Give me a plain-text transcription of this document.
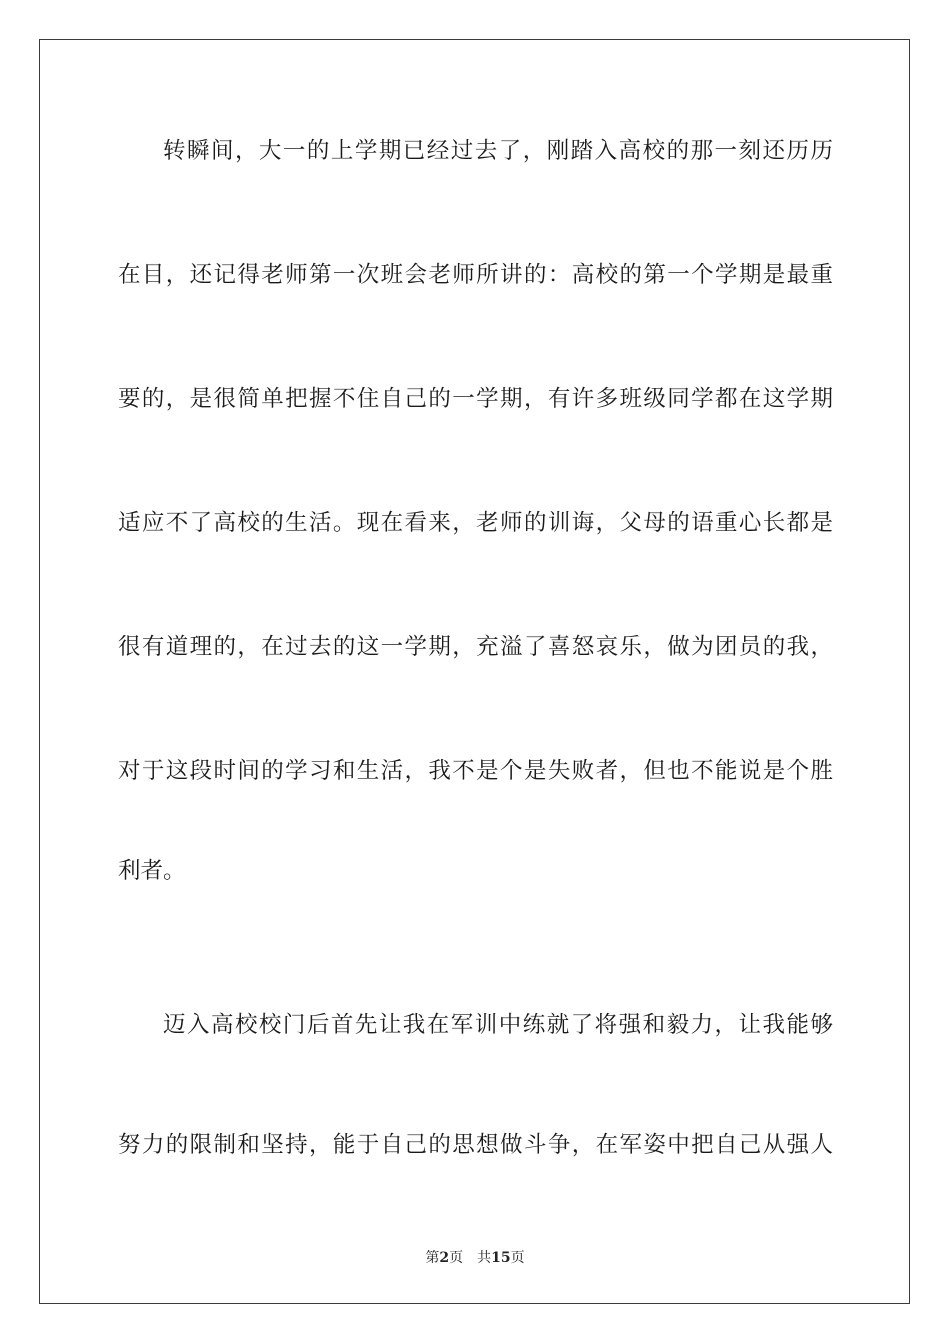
转瞬间，大一的上学期已经过去了，刚踏入高校的那一刻还历历
在目，还记得老师第一次班会老师所讲的：高校的第一个学期是最重
要的，是很简单把握不住自己的一学期，有许多班级同学都在这学期
适应不了高校的生活。现在看来，老师的训诲，父母的语重心长都是
很有道理的，在过去的这一学期，充溢了喜怒哀乐，做为团员的我，
对于这段时间的学习和生活，我不是个是失败者，但也不能说是个胜
利者。
迈入高校校门后首先让我在军训中练就了将强和毅力，让我能够
努力的限制和坚持，能于自己的思想做斗争，在军姿中把自己从强人
第2页 共15页
